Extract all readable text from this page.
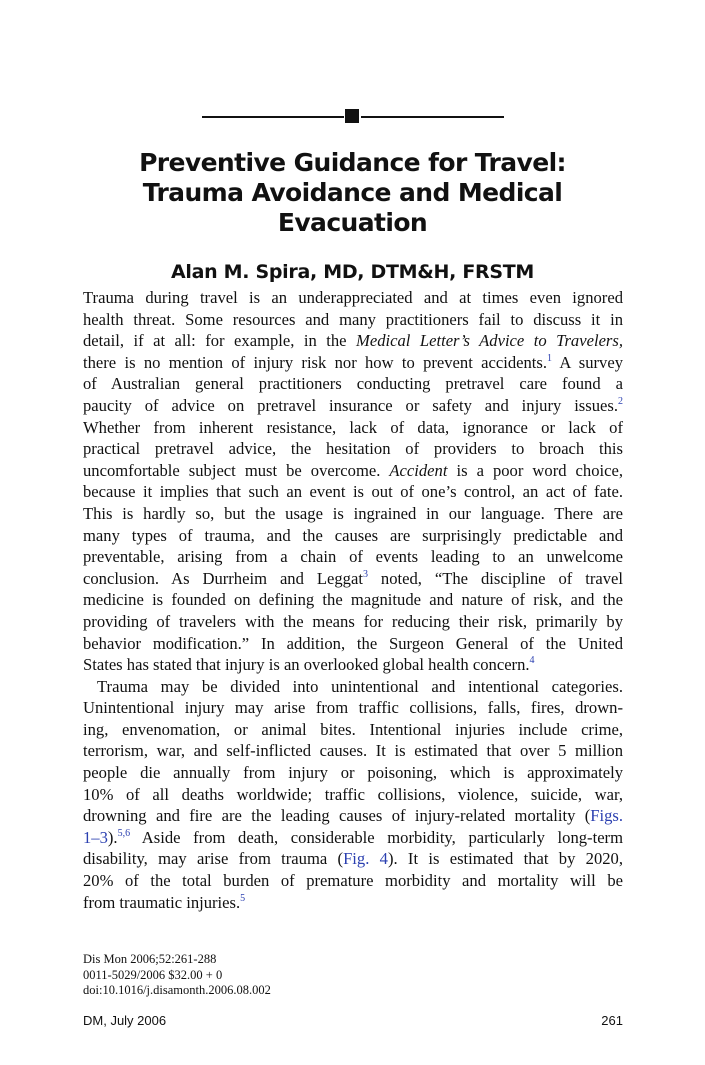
Preventive Guidance for Travel:
Trauma Avoidance and Medical
Evacuation
Alan M. Spira, MD, DTM&H, FRSTM
Trauma during travel is an underappreciated and at times even ignored
health threat. Some resources and many practitioners fail to discuss it in
detail, if at all: for example, in the Medical Letter’s Advice to Travelers,
there is no mention of injury risk nor how to prevent accidents.$^1$ A survey
of Australian general practitioners conducting pretravel care found a
paucity of advice on pretravel insurance or safety and injury issues.$^2$
Whether from inherent resistance, lack of data, ignorance or lack of
practical pretravel advice, the hesitation of providers to broach this
uncomfortable subject must be overcome. Accident is a poor word choice,
because it implies that such an event is out of one’s control, an act of fate.
This is hardly so, but the usage is ingrained in our language. There are
many types of trauma, and the causes are surprisingly predictable and
preventable, arising from a chain of events leading to an unwelcome
conclusion. As Durrheim and Leggat$^3$ noted, “The discipline of travel
medicine is founded on defining the magnitude and nature of risk, and the
providing of travelers with the means for reducing their risk, primarily by
behavior modification.” In addition, the Surgeon General of the United
States has stated that injury is an overlooked global health concern.$^4$
Trauma may be divided into unintentional and intentional categories.
Unintentional injury may arise from traffic collisions, falls, fires, drown-
ing, envenomation, or animal bites. Intentional injuries include crime,
terrorism, war, and self-inflicted causes. It is estimated that over 5 million
people die annually from injury or poisoning, which is approximately
10% of all deaths worldwide; traffic collisions, violence, suicide, war,
drowning and fire are the leading causes of injury-related mortality (Figs.
1–3).$^{5,6}$ Aside from death, considerable morbidity, particularly long-term
disability, may arise from trauma (Fig. 4). It is estimated that by 2020,
20% of the total burden of premature morbidity and mortality will be
from traumatic injuries.$^5$
Dis Mon 2006;52:261-288
0011-5029/2006 $32.00 + 0
doi:10.1016/j.disamonth.2006.08.002
DM, July 2006	261
